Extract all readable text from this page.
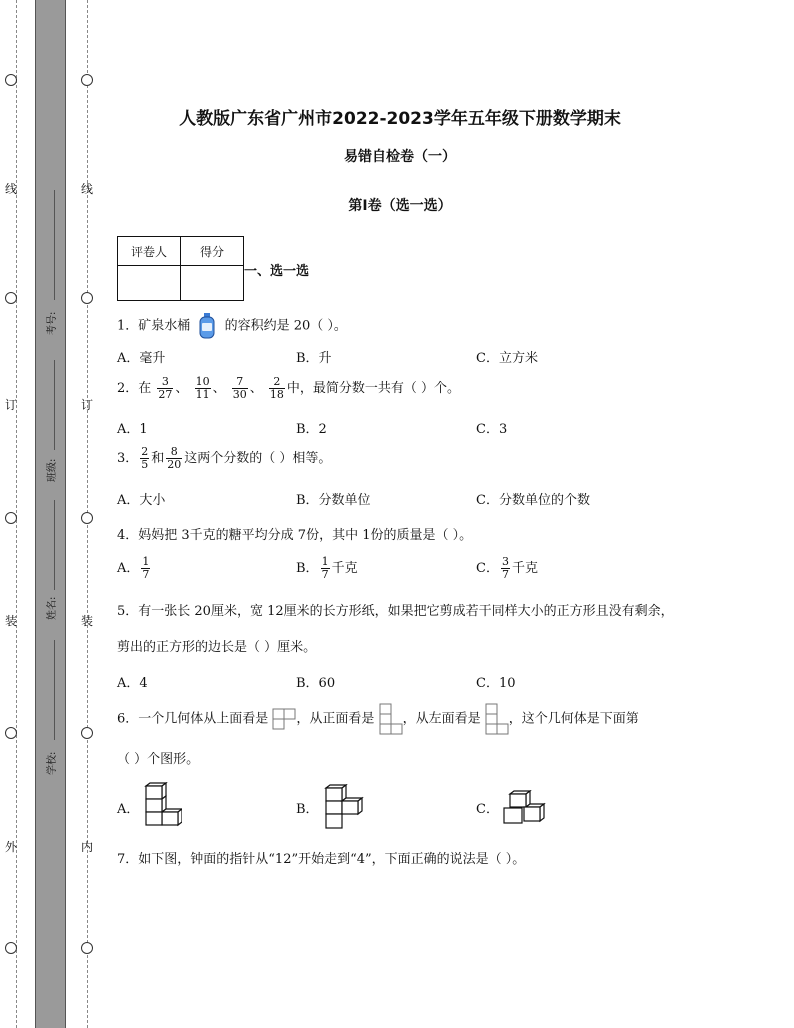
线
订
装
外
线
订
装
内
考号:
班级:
姓名:
学校:
人教版广东省广州市2022-2023学年五年级下册数学期末
易错自检卷（一）
第Ⅰ卷（选一选）
评卷人	得分

一、选一选
1．矿泉水桶	的容积约是 20（ ）。
A．毫升	B．升	C．立方米
2．在 $\frac{3}{27}$ 、 $\frac{10}{11}$ 、 $\frac{7}{30}$ 、 $\frac{2}{18}$ 中，最简分数一共有（ ）个。
A．1	B．2	C．3
3． $\frac{2}{5}$ 和 $\frac{8}{20}$ 这两个分数的（ ）相等。
A．大小	B．分数单位	C．分数单位的个数
4．妈妈把 3千克的糖平均分成 7份，其中 1份的质量是（ ）。
A． $\frac{1}{7}$	B． $\frac{1}{7}$ 千克	C． $\frac{3}{7}$ 千克
5．有一张长 20厘米，宽 12厘米的长方形纸，如果把它剪成若干同样大小的正方形且没有剩余，
剪出的正方形的边长是（ ）厘米。
A．4	B．60	C．10
6．一个几何体从上面看是 ，从正面看是 ，从左面看是 ，这个几何体是下面第
（ ）个图形。
A．	B．	C．
7．如下图，钟面的指针从“12”开始走到“4”，下面正确的说法是（ ）。
